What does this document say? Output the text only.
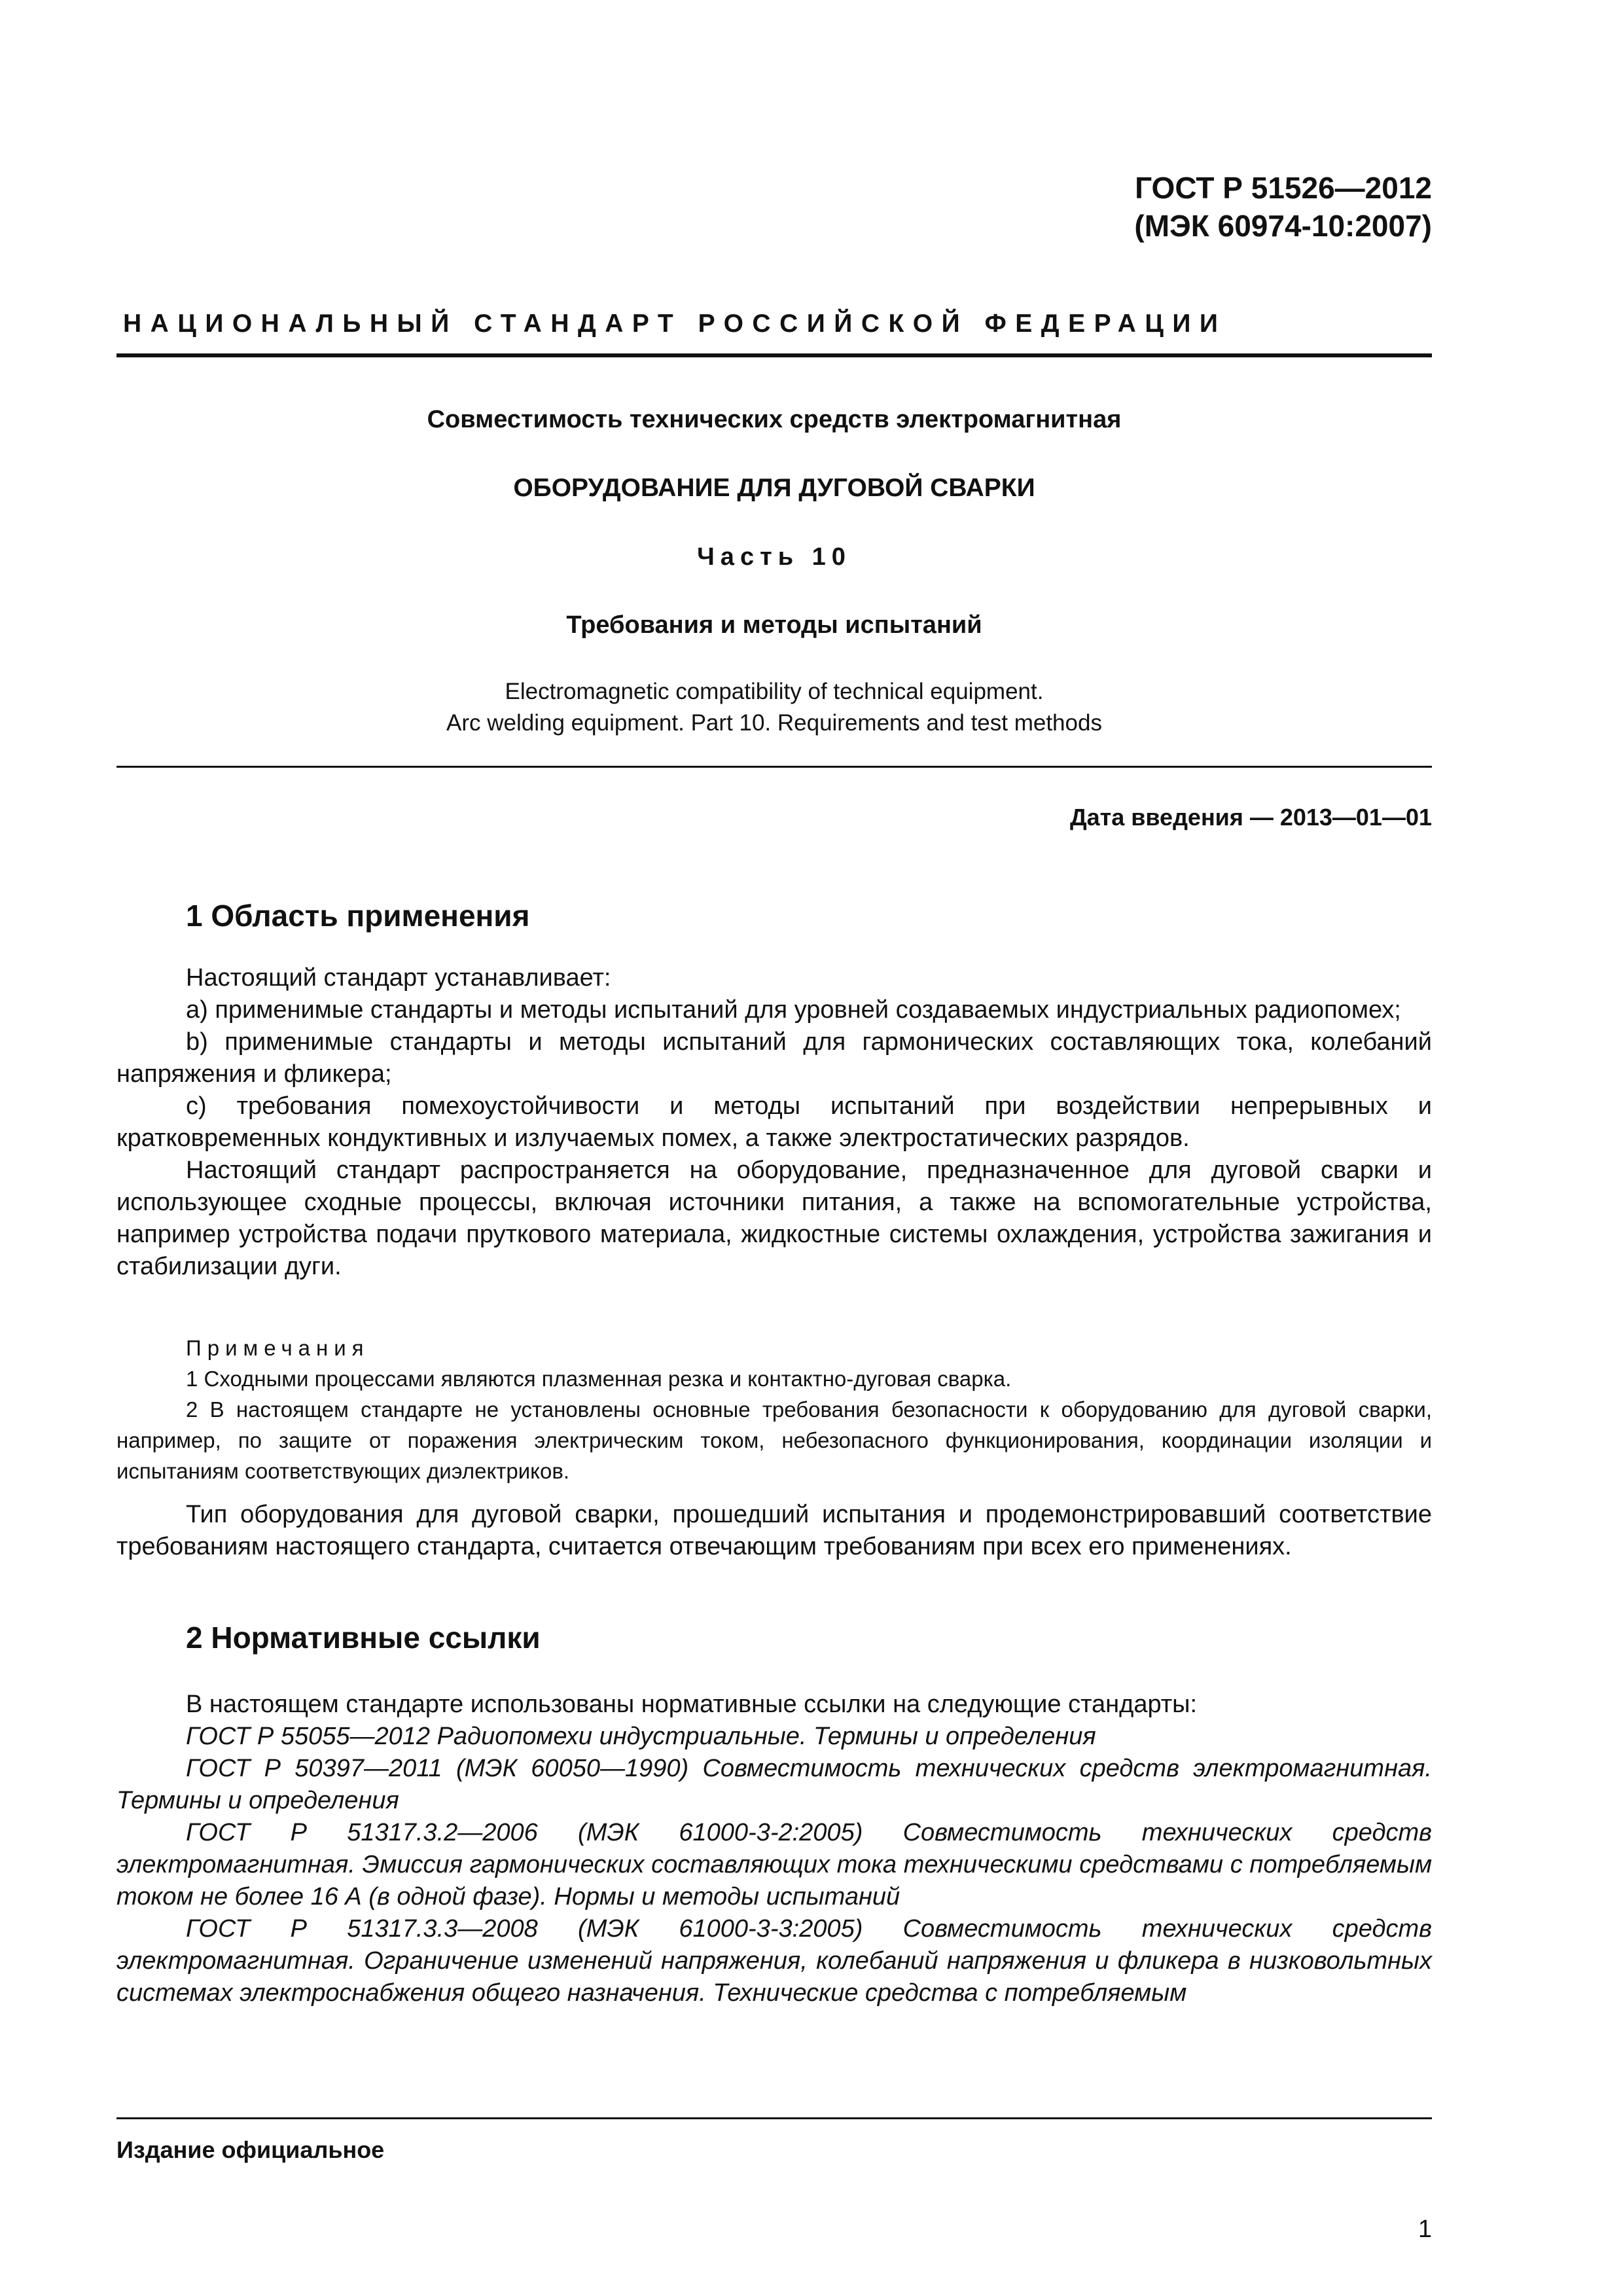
ГОСТ Р 51526—2012
(МЭК 60974-10:2007)
НАЦИОНАЛЬНЫЙ СТАНДАРТ РОССИЙСКОЙ ФЕДЕРАЦИИ
Совместимость технических средств электромагнитная
ОБОРУДОВАНИЕ ДЛЯ ДУГОВОЙ СВАРКИ
Часть 10
Требования и методы испытаний
Electromagnetic compatibility of technical equipment.
Arc welding equipment. Part 10. Requirements and test methods
Дата введения — 2013—01—01
1 Область применения

Настоящий стандарт устанавливает:

а) применимые стандарты и методы испытаний для уровней создаваемых индустриальных радиопомех;

b) применимые стандарты и методы испытаний для гармонических составляющих тока, колебаний напряжения и фликера;

с) требования помехоустойчивости и методы испытаний при воздействии непрерывных и кратковременных кондуктивных и излучаемых помех, а также электростатических разрядов.

Настоящий стандарт распространяется на оборудование, предназначенное для дуговой сварки и использующее сходные процессы, включая источники питания, а также на вспомогательные устройства, например устройства подачи пруткового материала, жидкостные системы охлаждения, устройства зажигания и стабилизации дуги.

Примечания

1 Сходными процессами являются плазменная резка и контактно-дуговая сварка.

2 В настоящем стандарте не установлены основные требования безопасности к оборудованию для дуговой сварки, например, по защите от поражения электрическим током, небезопасного функционирования, координации изоляции и испытаниям соответствующих диэлектриков.

Тип оборудования для дуговой сварки, прошедший испытания и продемонстрировавший соответствие требованиям настоящего стандарта, считается отвечающим требованиям при всех его применениях.

2 Нормативные ссылки

В настоящем стандарте использованы нормативные ссылки на следующие стандарты:

ГОСТ Р 55055—2012 Радиопомехи индустриальные. Термины и определения

ГОСТ Р 50397—2011 (МЭК 60050—1990) Совместимость технических средств электромагнитная. Термины и определения

ГОСТ Р 51317.3.2—2006 (МЭК 61000-3-2:2005) Совместимость технических средств электромагнитная. Эмиссия гармонических составляющих тока техническими средствами с потребляемым током не более 16 А (в одной фазе). Нормы и методы испытаний

ГОСТ Р 51317.3.3—2008 (МЭК 61000-3-3:2005) Совместимость технических средств электромагнитная. Ограничение изменений напряжения, колебаний напряжения и фликера в низковольтных системах электроснабжения общего назначения. Технические средства с потребляемым

Издание официальное
1
